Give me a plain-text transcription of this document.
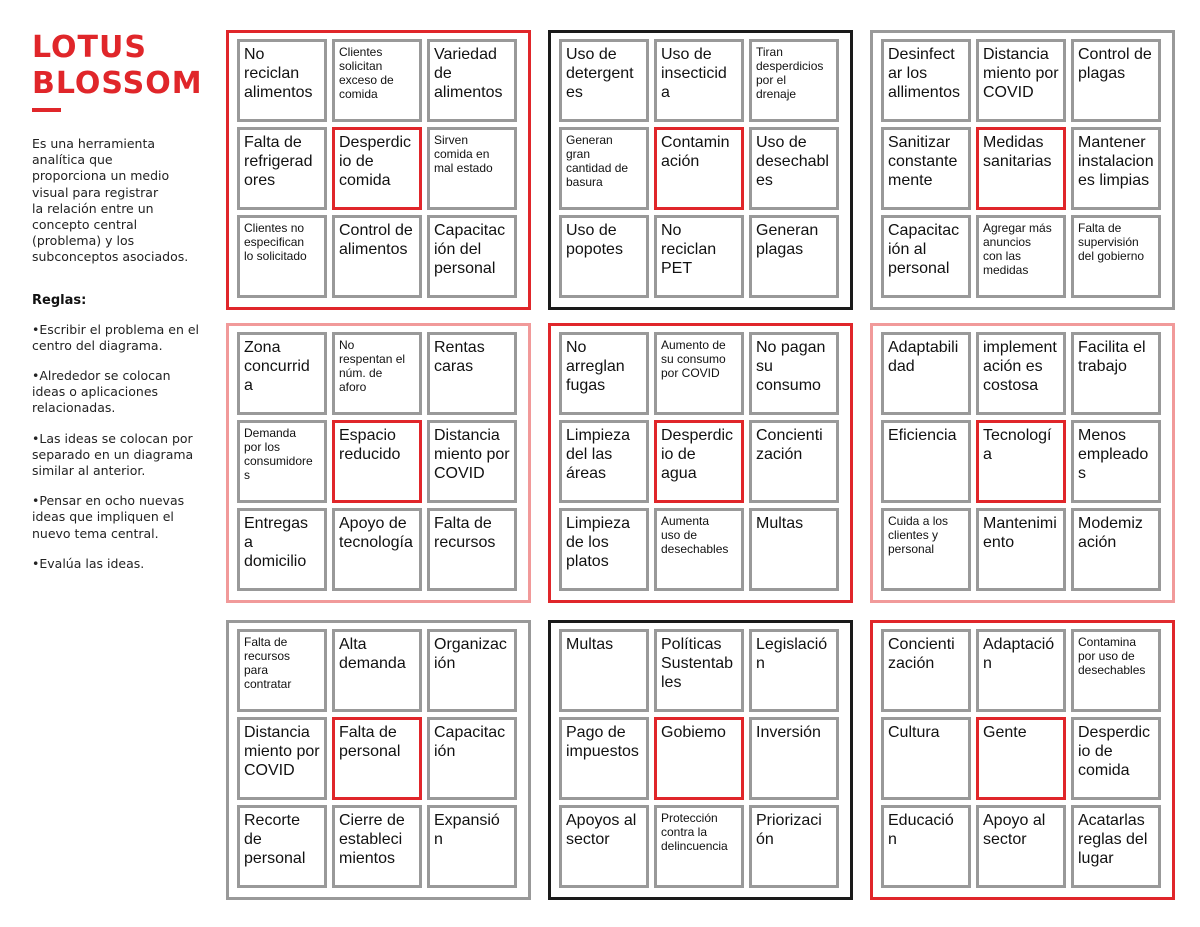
LOTUS
BLOSSOM
Es una herramienta
analítica que
proporciona un medio
visual para registrar
la relación entre un
concepto central
(problema) y los
subconceptos asociados.
Reglas:
•Escribir el problema en el
centro del diagrama.
•Alrededor se colocan
ideas o aplicaciones
relacionadas.
•Las ideas se colocan por
separado en un diagrama
similar al anterior.
•Pensar en ocho nuevas
ideas que impliquen el
nuevo tema central.
•Evalúa las ideas.
No
reciclan
alimentos
Clientes
solicitan
exceso de
comida
Variedad
de
alimentos
Falta de
refrigerad
ores
Desperdic
io de
comida
Sirven
comida en
mal estado
Clientes no
especifican
lo solicitado
Control de
alimentos
Capacitac
ión del
personal
Uso de
detergent
es
Uso de
insecticid
a
Tiran
desperdicios
por el
drenaje
Generan
gran
cantidad de
basura
Contamin
ación
Uso de
desechabl
es
Uso de
popotes
No
reciclan
PET
Generan
plagas
Desinfect
ar los
allimentos
Distancia
miento por
COVID
Control de
plagas
Sanitizar
constante
mente
Medidas
sanitarias
Mantener
instalacion
es limpias
Capacitac
ión al
personal
Agregar más
anuncios
con las
medidas
Falta de
supervisión
del gobierno
Zona
concurrid
a
No
respentan el
núm. de
aforo
Rentas
caras
Demanda
por los
consumidore
s
Espacio
reducido
Distancia
miento por
COVID
Entregas
a
domicilio
Apoyo de
tecnología
Falta de
recursos
No
arreglan
fugas
Aumento de
su consumo
por COVID
No pagan
su
consumo
Limpieza
del las
áreas
Desperdic
io de
agua
Concienti
zación
Limpieza
de los
platos
Aumenta
uso de
desechables
Multas
Adaptabili
dad
implement
ación es
costosa
Facilita el
trabajo
Eficiencia	Tecnologí
a
Menos
empleado
s
Cuida a los
clientes y
personal
Mantenimi
ento
Modemiz
ación
Falta de
recursos
para
contratar
Alta
demanda
Organizac
ión
Distancia
miento por
COVID
Falta de
personal
Capacitac
ión
Recorte
de
personal
Cierre de
estableci
mientos
Expansió
n
Multas	Políticas
Sustentab
les
Legislació
n
Pago de
impuestos
Gobiemo	Inversión
Apoyos al
sector
Protección
contra la
delincuencia
Priorizaci
ón
Concienti
zación
Adaptació
n
Contamina
por uso de
desechables
Cultura	Gente	Desperdic
io de
comida
Educació
n
Apoyo al
sector
Acatarlas
reglas del
lugar
